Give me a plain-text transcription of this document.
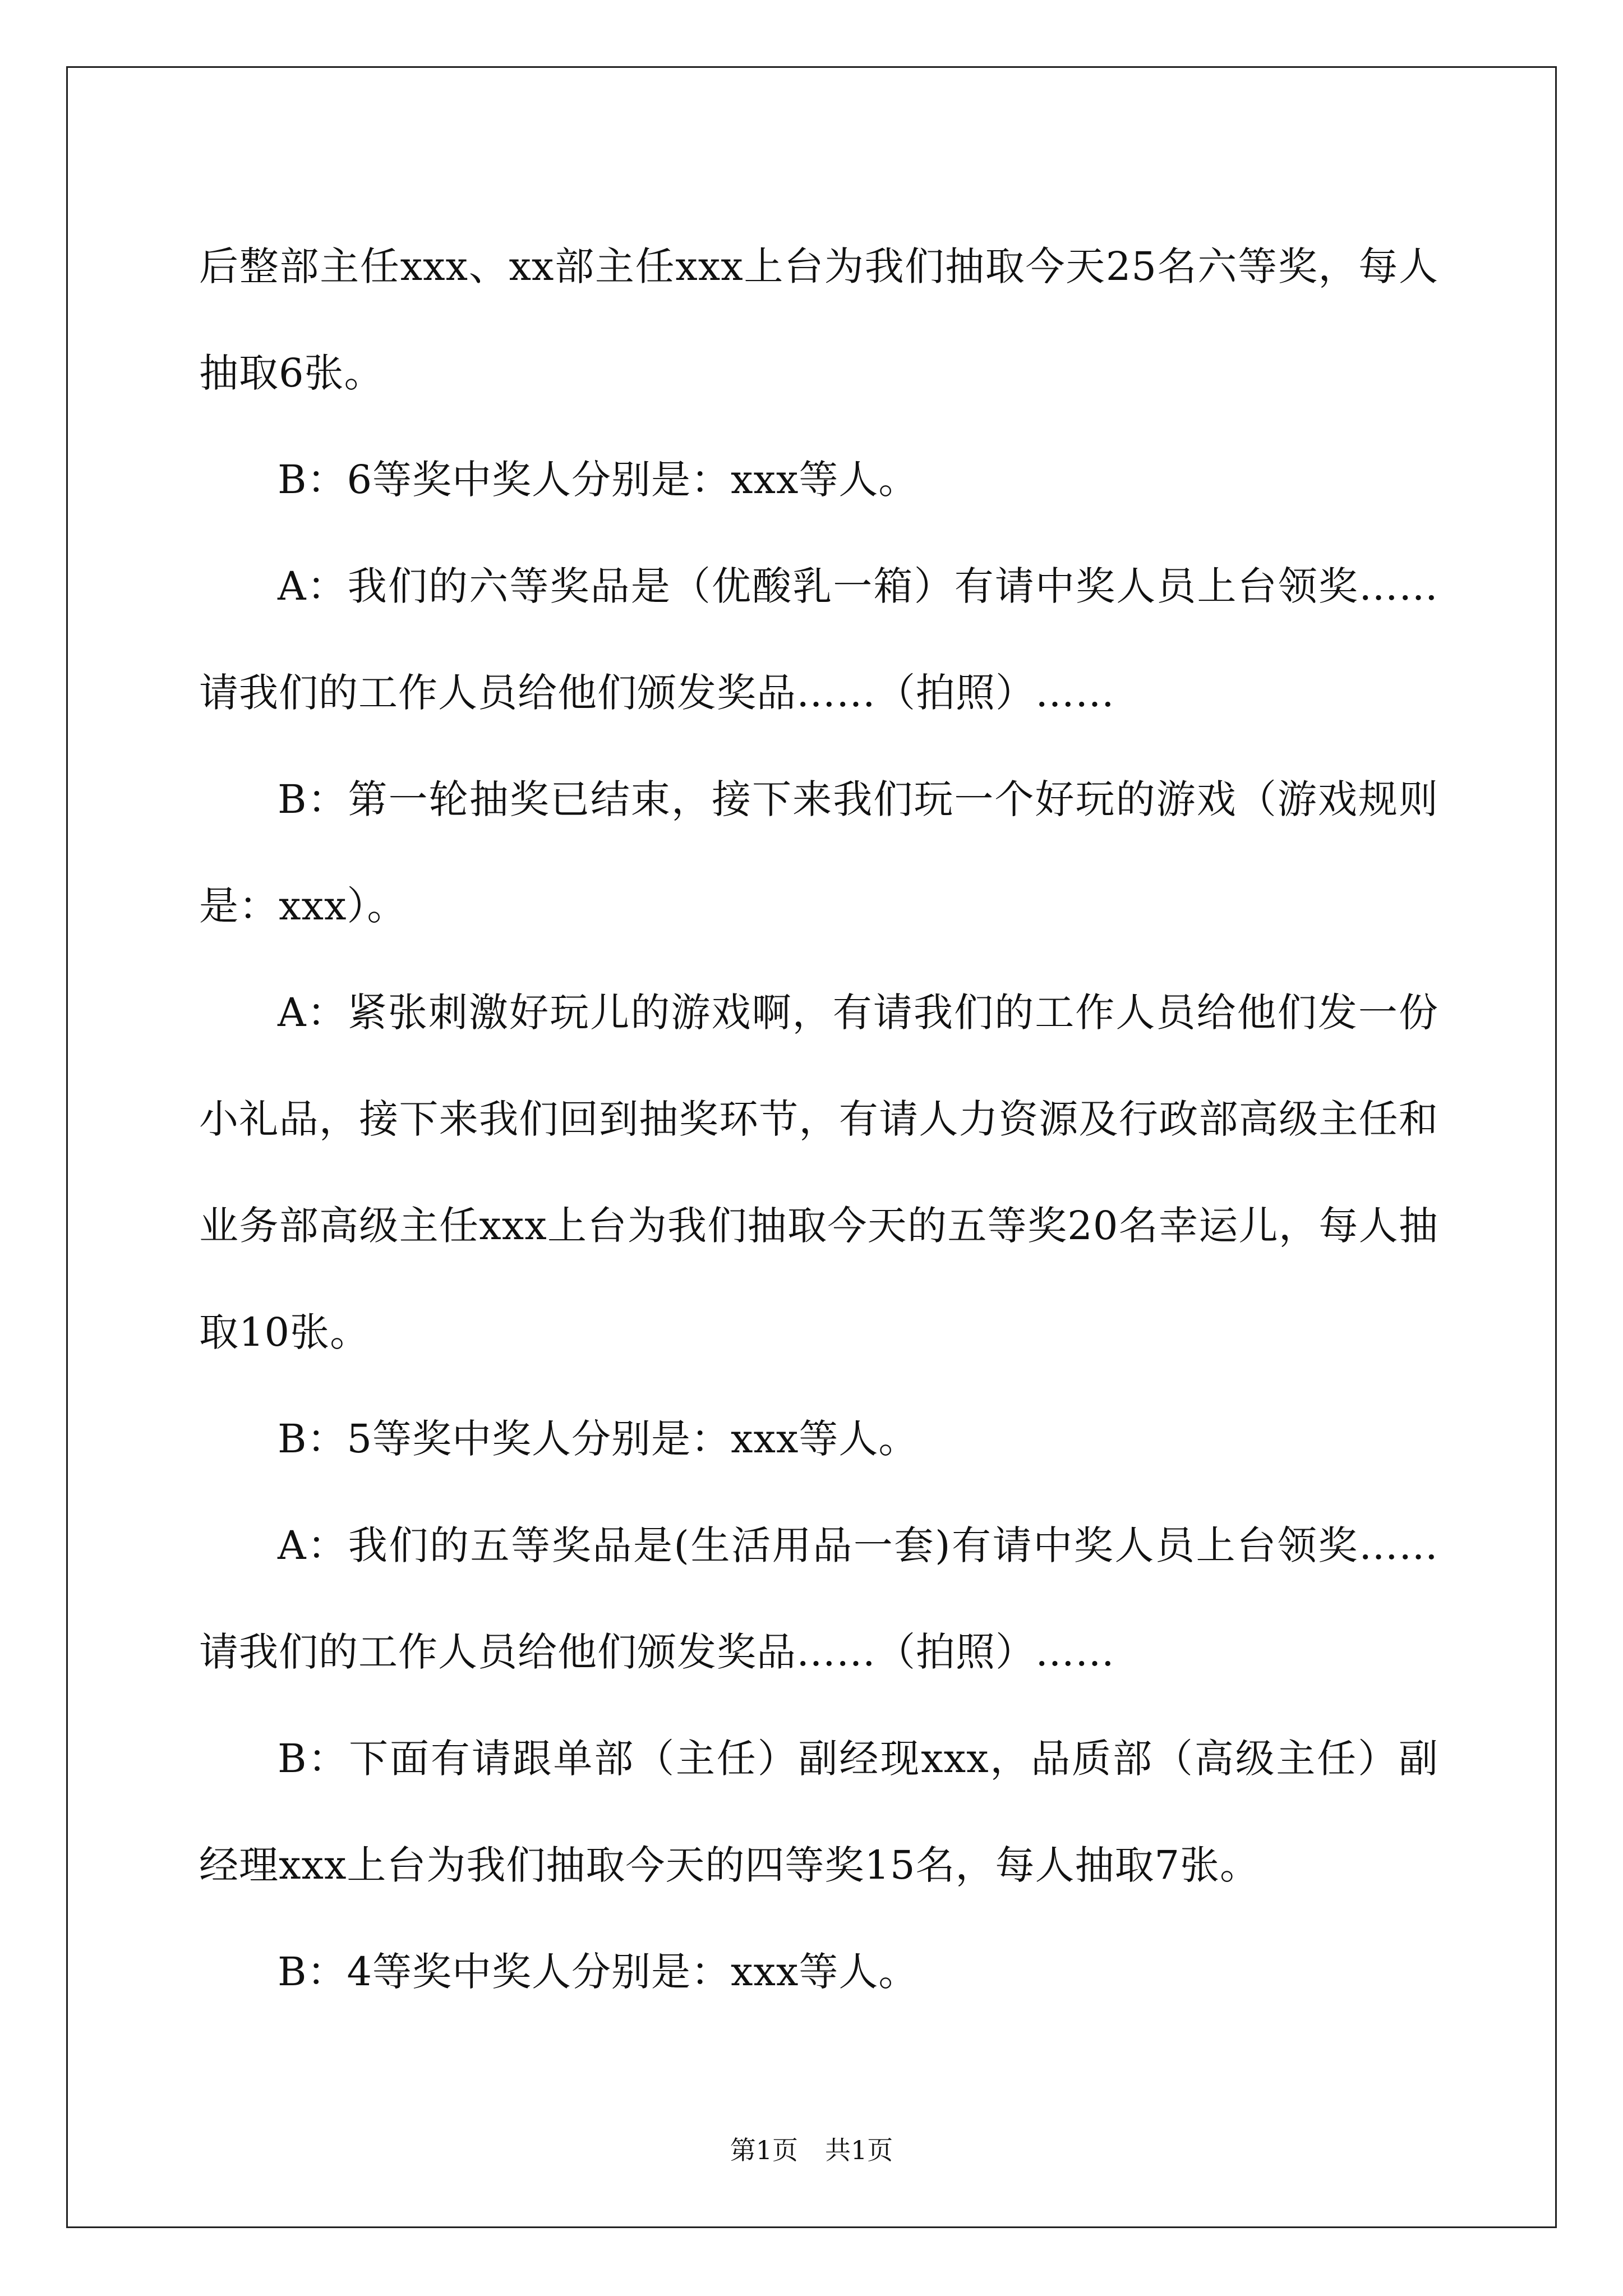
后整部主任xxx、xx部主任xxx上台为我们抽取今天25名六等奖，每人抽取6张。

B：6等奖中奖人分别是：xxx等人。

A：我们的六等奖品是（优酸乳一箱）有请中奖人员上台领奖……请我们的工作人员给他们颁发奖品……（拍照）……

B：第一轮抽奖已结束，接下来我们玩一个好玩的游戏（游戏规则是：xxx）。

A：紧张刺激好玩儿的游戏啊，有请我们的工作人员给他们发一份小礼品，接下来我们回到抽奖环节，有请人力资源及行政部高级主任和业务部高级主任xxx上台为我们抽取今天的五等奖20名幸运儿，每人抽取10张。

B：5等奖中奖人分别是：xxx等人。

A：我们的五等奖品是(生活用品一套)有请中奖人员上台领奖……请我们的工作人员给他们颁发奖品……（拍照）……

B：下面有请跟单部（主任）副经现xxx，品质部（高级主任）副经理xxx上台为我们抽取今天的四等奖15名，每人抽取7张。

B：4等奖中奖人分别是：xxx等人。

第1页 共1页
